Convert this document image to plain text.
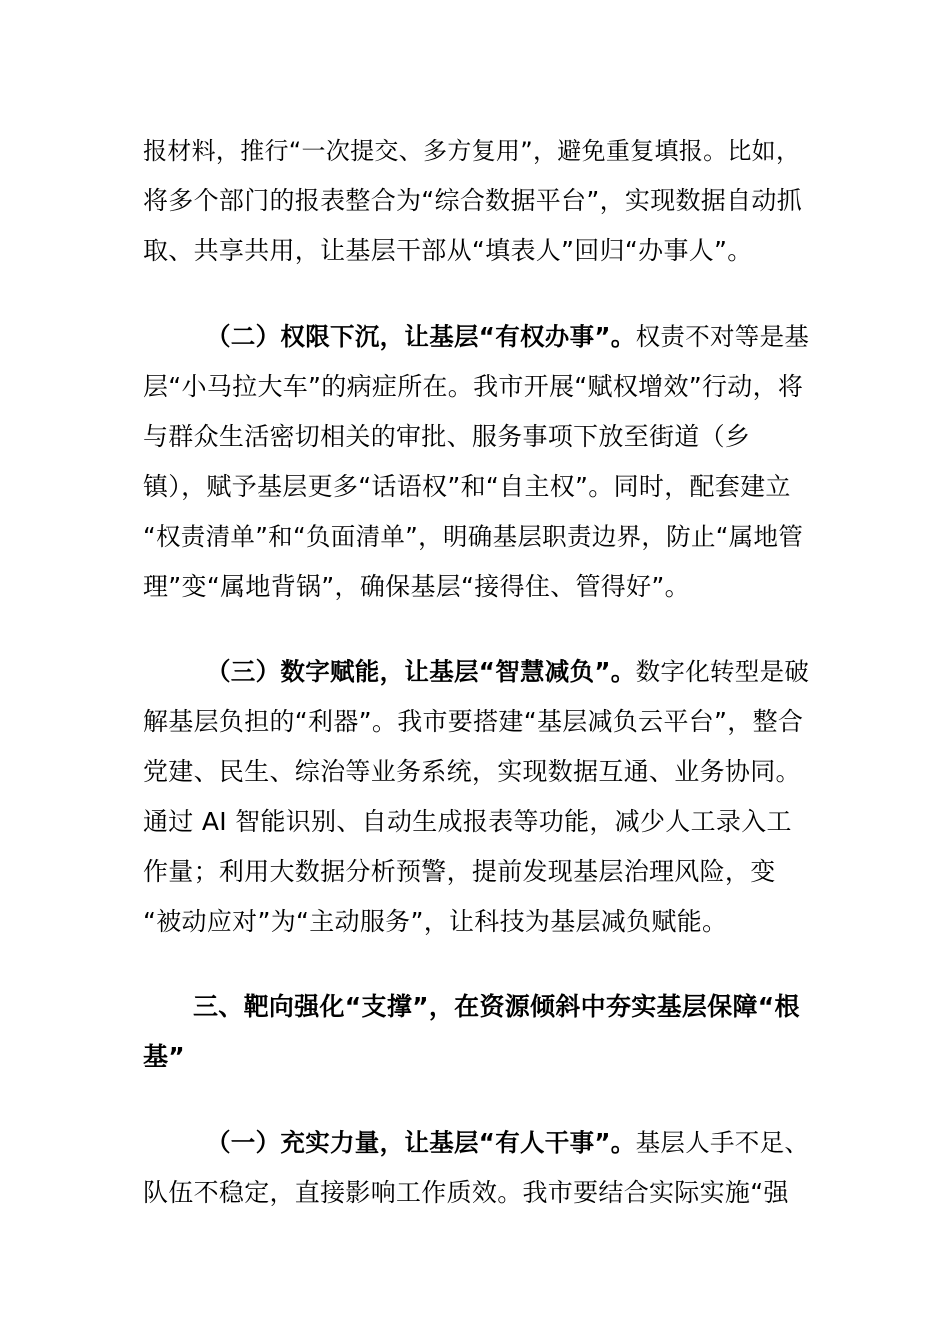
报材料，推行“一次提交、多方复用”，避免重复填报。比如，

将多个部门的报表整合为“综合数据平台”，实现数据自动抓

取、共享共用，让基层干部从“填表人”回归“办事人”。

（二）权限下沉，让基层“有权办事”。权责不对等是基

层“小马拉大车”的病症所在。我市开展“赋权增效”行动，将

与群众生活密切相关的审批、服务事项下放至街道（乡

镇），赋予基层更多“话语权”和“自主权”。同时，配套建立

“权责清单”和“负面清单”，明确基层职责边界，防止“属地管

理”变“属地背锅”，确保基层“接得住、管得好”。

（三）数字赋能，让基层“智慧减负”。数字化转型是破

解基层负担的“利器”。我市要搭建“基层减负云平台”，整合

党建、民生、综治等业务系统，实现数据互通、业务协同。

通过 AI 智能识别、自动生成报表等功能，减少人工录入工

作量；利用大数据分析预警，提前发现基层治理风险，变

“被动应对”为“主动服务”，让科技为基层减负赋能。

三、靶向强化“支撑”，在资源倾斜中夯实基层保障“根

基”

（一）充实力量，让基层“有人干事”。基层人手不足、

队伍不稳定，直接影响工作质效。我市要结合实际实施“强
